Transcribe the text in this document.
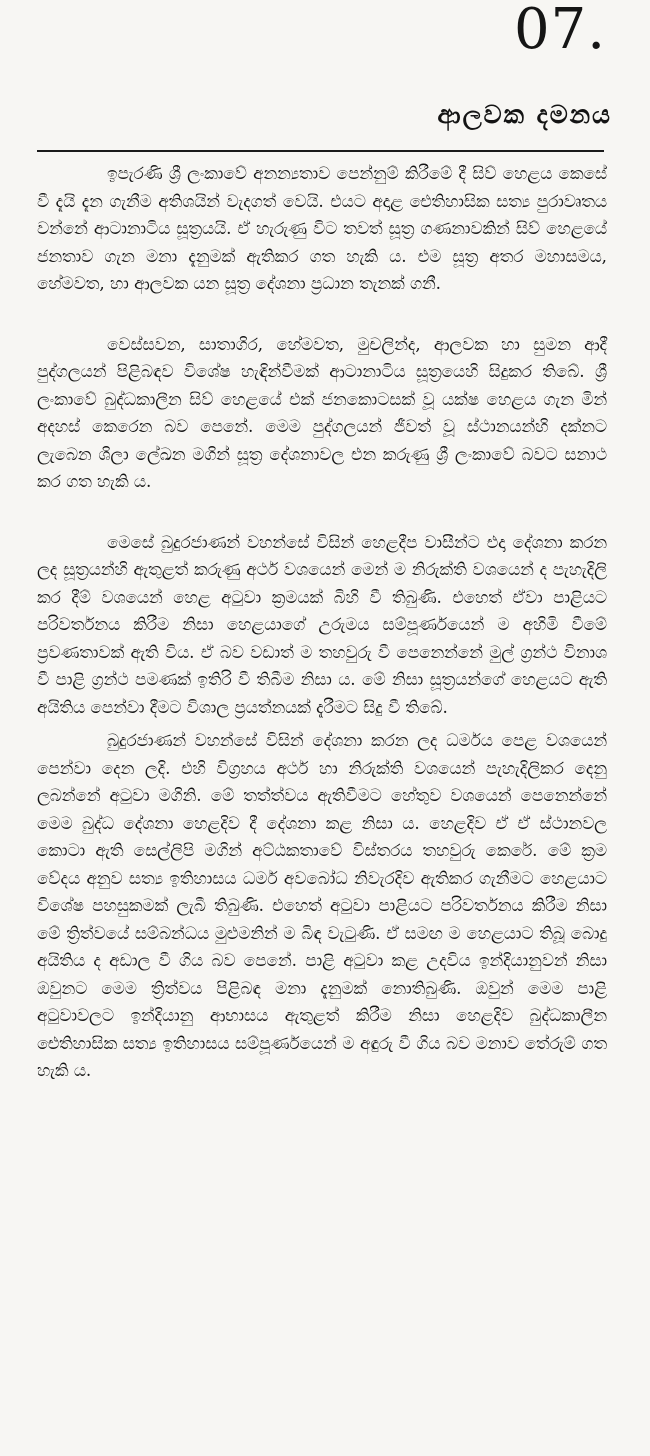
07.
ආලවක දමනය

ඉපැරණි ශ්‍රී ලංකාවේ අනන්‍යතාව පෙන්නුම් කිරීමේ දී සිව් හෙළය කෙසේ වී දැයි දැන ගැනීම අතිශයින් වැදගත් වෙයි. එයට අදාළ ඓතිහාසික සත්‍ය පුරාවෘතය වන්නේ ආටානාටිය සූත්‍රයයි. ඒ හැරුණු විට තවත් සූත්‍ර ගණනාවකින් සිව් හෙළයේ ජනතාව ගැන මනා දැනුමක් ඇතිකර ගත හැකි ය. එම සූත්‍ර අතර මහාසමය, හේමවත, හා ආලවක යන සූත්‍ර දේශනා ප්‍රධාන තැනක් ගනී.

වෙස්සවන, සාතාගිර, හේමවත, මුචලින්ද, ආලවක හා සුමන ආදී පුද්ගලයන් පිළිබඳව විශේෂ හැඳින්වීමක් ආටානාටිය සූත්‍රයෙහි සිදුකර තිබේ. ශ්‍රී ලංකාවේ බුද්ධකාලීන සිව් හෙළයේ එක් ජනකොටසක් වූ යක්ෂ හෙළය ගැන මින් අදහස් කෙරෙන බව පෙනේ. මෙම පුද්ගලයන් ජීවත් වූ ස්ථානයන්හි දක්නට ලැබෙන ශිලා ලේඛන මගින් සූත්‍ර දේශනාවල එන කරුණු ශ්‍රී ලංකාවේ බවට සනාථ කර ගත හැකි ය.

මෙසේ බුදුරජාණන් වහන්සේ විසින් හෙළදීප වාසීන්ට එදා දේශනා කරන ලද සූත්‍රයන්හි ඇතුළත් කරුණු අර්ථ වශයෙන් මෙන් ම නිරුක්ති වශයෙන් ද පැහැදිලි කර දීම් වශයෙන් හෙළ අටුවා ක්‍රමයක් බිහි වී තිබුණි. එහෙත් ඒවා පාළියට පරිවර්තනය කිරීම නිසා හෙළයාගේ උරුමය සම්පූර්ණයෙන් ම අහිමි වීමේ ප්‍රවණතාවක් ඇති විය. ඒ බව වඩාත් ම තහවුරු වී පෙනෙන්නේ මුල් ග්‍රන්ථ විනාශ වී පාළි ග්‍රන්ථ පමණක් ඉතිරි වී තිබීම නිසා ය. මේ නිසා සූත්‍රයන්ගේ හෙළයට ඇති අයිතිය පෙන්වා දීමට විශාල ප්‍රයත්නයක් දැරීමට සිදු වී තිබේ.

බුදුරජාණන් වහන්සේ විසින් දේශනා කරන ලද ධර්මය පෙළ වශයෙන් පෙන්වා දෙන ලදි. එහි විග්‍රහය අර්ථ හා නිරුක්ති වශයෙන් පැහැදිලිකර දෙනු ලබන්නේ අටුවා මගිනි. මේ තත්ත්වය ඇතිවීමට හේතුව වශයෙන් පෙනෙන්නේ මෙම බුද්ධ දේශනා හෙළදිව දී දේශනා කළ නිසා ය. හෙළදිව ඒ ඒ ස්ථානවල කොටා ඇති සෙල්ලිපි මගින් අට්ඨකතාවේ විස්තරය තහවුරු කෙරේ. මේ ක්‍රම වේදය අනුව සත්‍ය ඉතිහාසය ධර්ම අවබෝධ නිවැරදිව ඇතිකර ගැනීමට හෙළයාට විශේෂ පහසුකමක් ලැබී තිබුණි. එහෙත් අටුවා පාළියට පරිවර්තනය කිරීම නිසා මේ ත්‍රිත්වයේ සම්බන්ධය මුළුමනින් ම බිඳ වැටුණි. ඒ සමඟ ම හෙළයාට තිබූ බොදු අයිතිය ද අඩාල වී ගිය බව පෙනේ. පාළි අටුවා කළ උදවිය ඉන්දියානුවන් නිසා ඔවුනට මෙම ත්‍රිත්වය පිළිබඳ මනා දැනුමක් නොතිබුණි. ඔවුන් මෙම පාළි අටුවාවලට ඉන්දියානු ආභාසය ඇතුළත් කිරීම නිසා හෙළදිව බුද්ධකාලීන ඓතිහාසික සත්‍ය ඉතිහාසය සම්පූර්ණයෙන් ම අඳුරු වී ගිය බව මනාව තේරුම් ගත හැකි ය.
